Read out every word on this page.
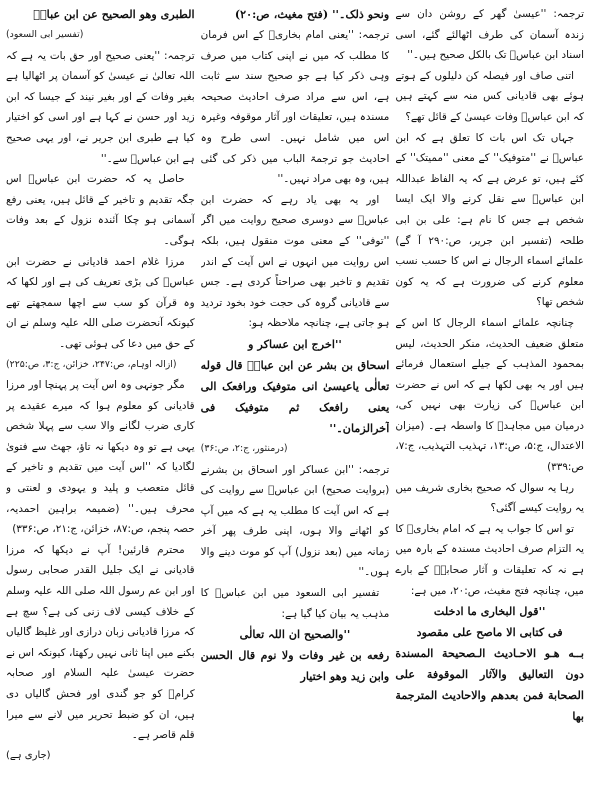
ترجمہ: ''عیسیٰ گھر کے روشن دان سے زندہ آسمان کی طرف اٹھالئے گئے، اسی اسناد ابن عباسؓ تک بالکل صحیح ہیں۔''

اتنی صاف اور فیصلہ کن دلیلوں کے ہوتے ہوئے بھی قادیانی کس منہ سے کہتے ہیں کہ ابن عباسؓ وفات عیسیٰ کے قائل تھے؟

جہاں تک اس بات کا تعلق ہے کہ ابن عباسؓ نے ''متوفیک'' کے معنی ''ممیتک'' کے کئے ہیں، تو عرض ہے کہ یہ الفاظ عبداللہ ابن عباسؓ سے نقل کرنے والا ایک ایسا شخص ہے جس کا نام ہے: علی بن ابی طلحہ (تفسیر ابن جریر، ص:۲۹۰ آ گے) علمائے اسماء الرجال نے اس کا حسب نسب معلوم کرنے کی ضرورت ہے کہ یہ کون شخص تھا؟

چنانچہ علمائے اسماء الرجال کا اس کے متعلق ضعیف الحدیث، منکر الحدیث، لیس بمحمود المذہب کے جیلے استعمال فرمائے ہیں اور یہ بھی لکھا ہے کہ اس نے حضرت ابن عباسؓ کی زیارت بھی نہیں کی، درمیان میں مجاہدؒ کا واسطہ ہے۔ (میزان الاعتدال، ج:۵، ص:۱۳، تہذیب التہذیب، ج:۷، ص:۳۳۹)

رہا یہ سوال کہ صحیح بخاری شریف میں یہ روایت کیسے آگئی؟

تو اس کا جواب یہ ہے کہ امام بخاریؒ کا یہ التزام صرف احادیث مسندہ کے بارہ میں ہے نہ کہ تعلیقات و آثار صحابہؓ کے بارے میں، چنانچہ فتح مغیث، ص:۲۰، میں ہے:

''قول البخاری ما ادخلت

فی کتابی الا ماصح علی مقصود

بــه هـو الاحـادیث الـصحیحة المسندة دون التعالیق والآثار الموقوفة علی الصحابة فمن بعدهم والاحادیث المترجمة بها

ونحو ذلک۔'' (فتح مغیث، ص:۲۰)

ترجمہ: ''یعنی امام بخاریؒ کے اس فرمان کا مطلب کہ میں نے اپنی کتاب میں صرف وہی ذکر کیا ہے جو صحیح سند سے ثابت ہے، اس سے مراد صرف احادیث صحیحہ مسندہ ہیں، تعلیقات اور آثار موقوفہ وغیرہ اس میں شامل نہیں۔ اسی طرح وہ احادیث جو ترجمۃ الباب میں ذکر کی گئی ہیں، وہ بھی مراد نہیں۔''

اور یہ بھی یاد رہے کہ حضرت ابن عباسؓ سے دوسری صحیح روایت میں اگر ''توفی'' کے معنی موت منقول ہیں، بلکہ اس روایت میں انہوں نے اس آیت کے اندر تقدیم و تاخیر بھی صراحتاً کردی ہے۔ جس سے قادیانی گروہ کی حجت خود بخود تردید ہو جاتی ہے، چنانچہ ملاحظہ ہو:

''اخرج ابن عساکر و

اسحاق بن بشر عن ابن عباسؓ قال قوله تعالٰی یاعیسیٰ انی متوفیک ورافعک الی یعنی رافعک ثم متوفیک فی آخرالزمان۔''

(درمنثور، ج:۲، ص:۳۶)

ترجمہ: ''ابن عساکر اور اسحاق بن بشرنے (بروایت صحیح) ابن عباسؓ سے روایت کی ہے کہ اس آیت کا مطلب یہ ہے کہ میں آپ کو اٹھانے والا ہوں، اپنی طرف پھر آخر زمانہ میں (بعد نزول) آپ کو موت دینے والا ہوں۔''

تفسیر ابی السعود میں ابن عباسؓ کا مذہب یہ بیان کیا گیا ہے:

''والصحیح ان اللہ تعالٰی

رفعه بن غیر وفات ولا نوم قال الحسن وابن زید وهو اختیار

الطبری وهو الصحیح عن ابن عباسؓ

(تفسیر ابی السعود)

ترجمہ: ''یعنی صحیح اور حق بات یہ ہے کہ اللہ تعالیٰ نے عیسیٰ کو آسمان پر اٹھالیا ہے بغیر وفات کے اور بغیر نیند کے جیسا کہ ابن زید اور حسن نے کہا ہے اور اسی کو اختیار کیا ہے طبری ابن جریر نے، اور یہی صحیح ہے ابن عباسؓ سے۔''

حاصل یہ کہ حضرت ابن عباسؓ اس جگہ تقدیم و تاخیر کے قائل ہیں، یعنی رفع آسمانی ہو چکا آئندہ نزول کے بعد وفات ہوگی۔

مرزا غلام احمد قادیانی نے حضرت ابن عباسؓ کی بڑی تعریف کی ہے اور لکھا کہ وہ قرآن کو سب سے اچھا سمجھتے تھے کیونکہ آنحضرت صلی اللہ علیہ وسلم نے ان کے حق میں دعا کی ہوئی تھی۔

(ازالہ اوہام، ص:۲۴۷، خزائن، ج:۳، ص:۲۲۵)

مگر جونہی وہ اس آیت پر پہنچا اور مرزا قادیانی کو معلوم ہوا کہ میرے عقیدے پر کاری ضرب لگانے والا سب سے پہلا شخص یہی ہے تو وہ دیکھا نہ تاؤ، جھٹ سے فتویٰ لگادیا کہ ''اس آیت میں تقدیم و تاخیر کے قائل متعصب و پلید و یہودی و لعنتی و محرف ہیں۔'' (ضمیمہ براہین احمدیہ، حصہ پنجم، ص:۸۷، خزائن، ج:۲۱، ص:۳۳۶)

محترم قارئین! آپ نے دیکھا کہ مرزا قادیانی نے ایک جلیل القدر صحابی رسول اور ابن عم رسول اللہ صلی اللہ علیہ وسلم کے خلاف کیسی لاف زنی کی ہے؟ سچ ہے کہ مرزا قادیانی زبان درازی اور غلیظ گالیاں بکنے میں اپنا ثانی نہیں رکھتا، کیونکہ اس نے حضرت عیسیٰ علیہ السلام اور صحابہ کرامؓ کو جو گندی اور فحش گالیاں دی ہیں، ان کو ضبط تحریر میں لانے سے میرا قلم قاصر ہے۔

(جاری ہے)
